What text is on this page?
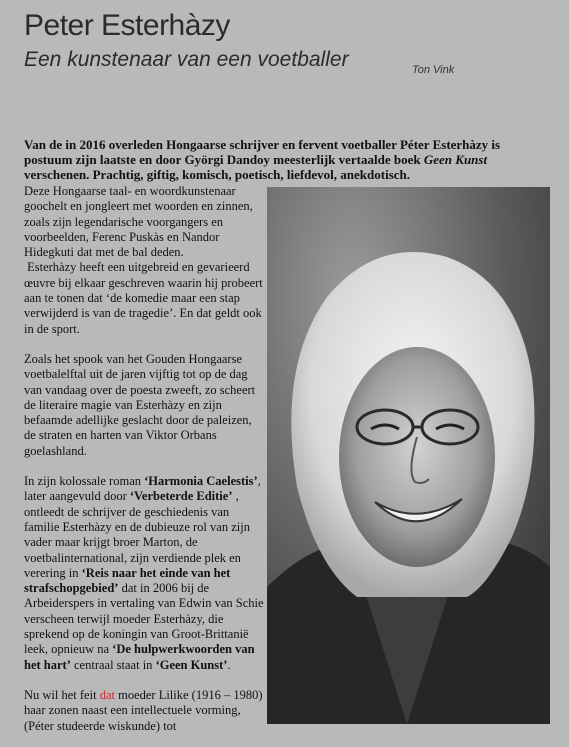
Peter Esterhàzy
Een kunstenaar van een voetballer	Ton Vink
Van de in 2016 overleden Hongaarse schrijver en fervent voetballer Péter Esterhàzy is postuum zijn laatste en door Györgi Dandoy meesterlijk vertaalde boek Geen Kunst verschenen. Prachtig, giftig, komisch, poetisch, liefdevol, anekdotisch.

Deze Hongaarse taal- en woordkunstenaar goochelt en jongleert met woorden en zinnen, zoals zijn legendarische voorgangers en voorbeelden, Ferenc Puskàs en Nandor Hidegkuti dat met de bal deden.

Esterhàzy heeft een uitgebreid en gevarieerd œuvre bij elkaar geschreven waarin hij probeert aan te tonen dat ‘de komedie maar een stap verwijderd is van de tragedie’. En dat geldt ook in de sport.

Zoals het spook van het Gouden Hongaarse voetbalelftal uit de jaren vijftig tot op de dag van vandaag over de poesta zweeft, zo scheert de literaire magie van Esterhàzy en zijn befaamde adellijke geslacht door de paleizen, de straten en harten van Viktor Orbans goelashland.

In zijn kolossale roman ‘Harmonia Caelestis’, later aangevuld door ‘Verbeterde Editie’ , ontleedt de schrijver de geschiedenis van familie Esterhàzy en de dubieuze rol van zijn vader maar krijgt broer Marton, de voetbalinternational, zijn verdiende plek en verering in ‘Reis naar het einde van het strafschopgebied’ dat in 2006 bij de Arbeiderspers in vertaling van Edwin van Schie verscheen terwijl moeder Esterhàzy, die sprekend op de koningin van Groot-Brittanië leek, opnieuw na ‘De hulpwerkwoorden van het hart’ centraal staat in ‘Geen Kunst’.

Nu wil het feit dat moeder Lilike (1916 – 1980) haar zonen naast een intellectuele vorming, (Péter studeerde wiskunde) tot
